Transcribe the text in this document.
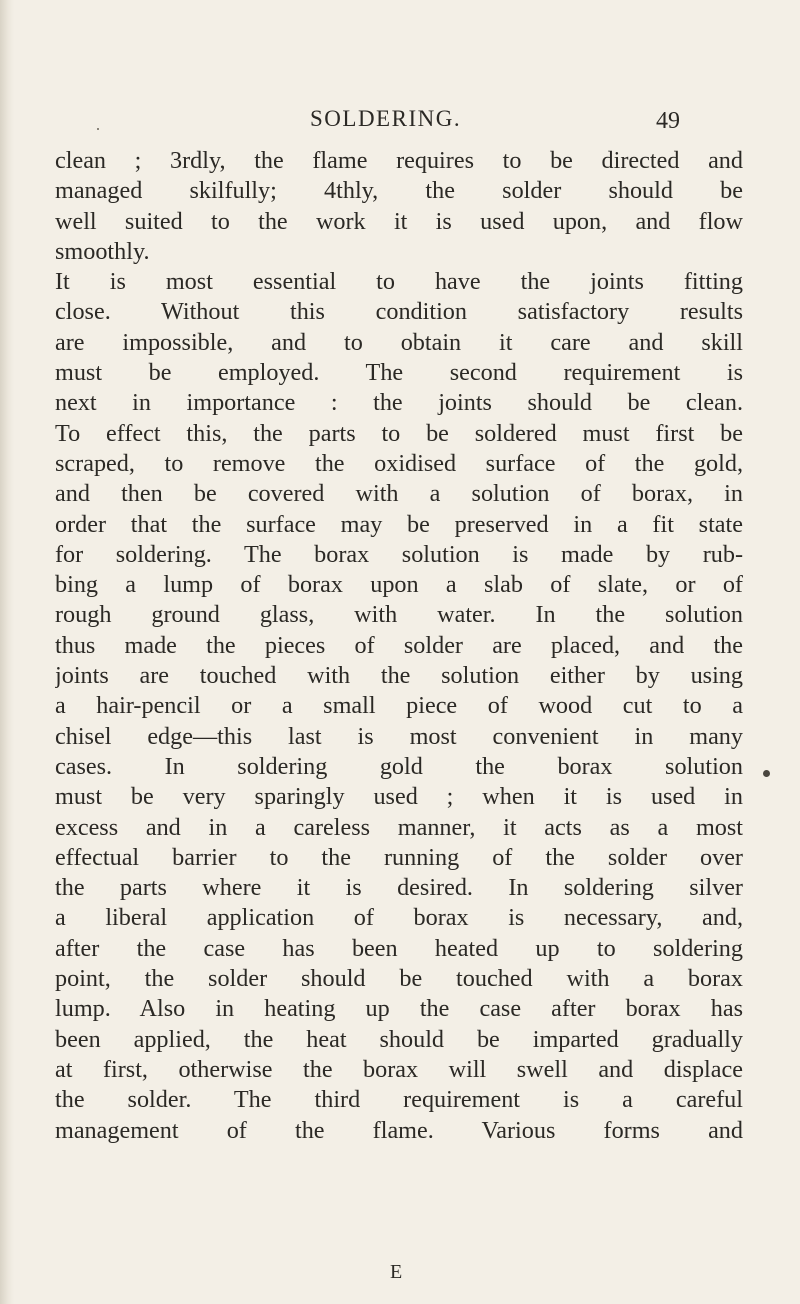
SOLDERING.	49
clean ; 3rdly, the flame requires to be directed and
managed skilfully; 4thly, the solder should be
well suited to the work it is used upon, and flow
smoothly.
It is most essential to have the joints fitting
close. Without this condition satisfactory results
are impossible, and to obtain it care and skill
must be employed. The second requirement is
next in importance : the joints should be clean.
To effect this, the parts to be soldered must first be
scraped, to remove the oxidised surface of the gold,
and then be covered with a solution of borax, in
order that the surface may be preserved in a fit state
for soldering. The borax solution is made by rub-
bing a lump of borax upon a slab of slate, or of
rough ground glass, with water. In the solution
thus made the pieces of solder are placed, and the
joints are touched with the solution either by using
a hair-pencil or a small piece of wood cut to a
chisel edge—this last is most convenient in many
cases. In soldering gold the borax solution
must be very sparingly used ; when it is used in
excess and in a careless manner, it acts as a most
effectual barrier to the running of the solder over
the parts where it is desired. In soldering silver
a liberal application of borax is necessary, and,
after the case has been heated up to soldering
point, the solder should be touched with a borax
lump. Also in heating up the case after borax has
been applied, the heat should be imparted gradually
at first, otherwise the borax will swell and displace
the solder. The third requirement is a careful
management of the flame. Various forms and
E
